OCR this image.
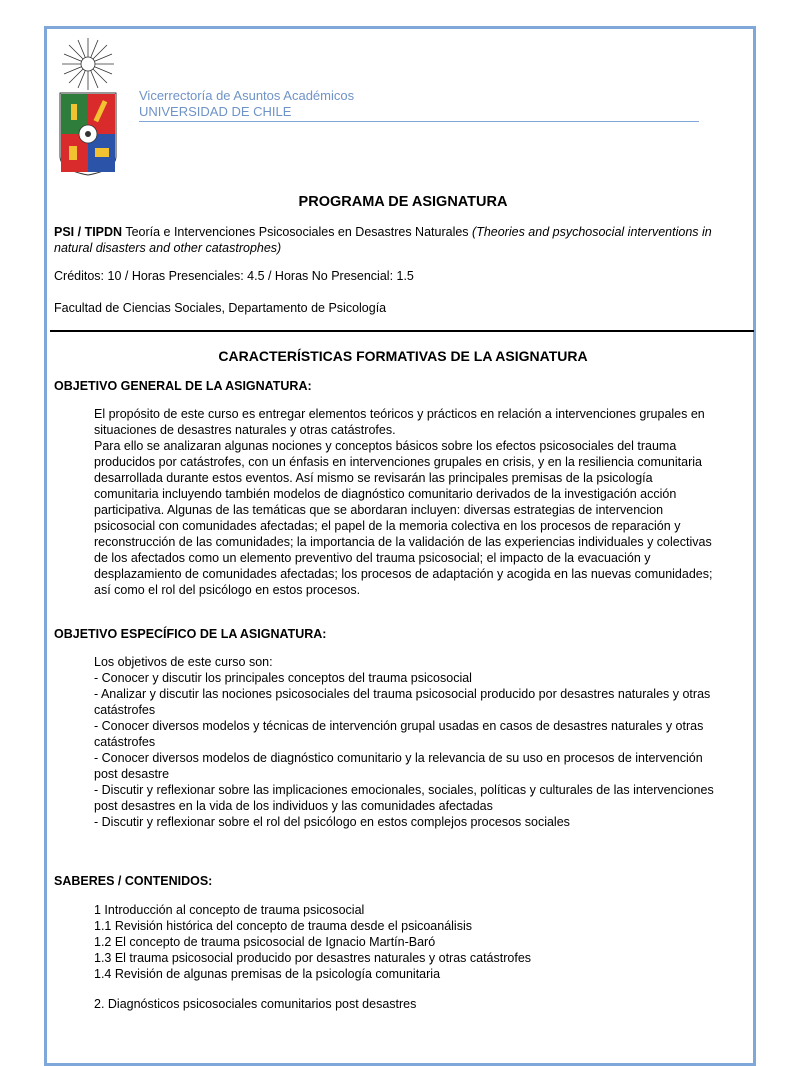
Vicerrectoría de Asuntos Académicos
UNIVERSIDAD DE CHILE
PROGRAMA DE ASIGNATURA
PSI / TIPDN Teoría e Intervenciones Psicosociales en Desastres Naturales (Theories and psychosocial interventions in natural disasters and other catastrophes)
Créditos: 10 / Horas Presenciales: 4.5 / Horas No Presencial: 1.5
Facultad de Ciencias Sociales, Departamento de Psicología
CARACTERÍSTICAS FORMATIVAS DE LA ASIGNATURA
OBJETIVO GENERAL DE LA ASIGNATURA:

El propósito de este curso es entregar elementos teóricos y prácticos en relación a intervenciones grupales en situaciones de desastres naturales y otras catástrofes.

Para ello se analizaran algunas nociones y conceptos básicos sobre los efectos psicosociales del trauma producidos por catástrofes, con un énfasis en intervenciones grupales en crisis, y en la resiliencia comunitaria desarrollada durante estos eventos. Así mismo se revisarán las principales premisas de la psicología comunitaria incluyendo también modelos de diagnóstico comunitario derivados de la investigación acción participativa. Algunas de las temáticas que se abordaran incluyen: diversas estrategias de intervencion psicosocial con comunidades afectadas; el papel de la memoria colectiva en los procesos de reparación y reconstrucción de las comunidades; la importancia de la validación de las experiencias individuales y colectivas de los afectados como un elemento preventivo del trauma psicosocial; el impacto de la evacuación y desplazamiento de comunidades afectadas; los procesos de adaptación y acogida en las nuevas comunidades; así como el rol del psicólogo en estos procesos.

OBJETIVO ESPECÍFICO DE LA ASIGNATURA:

Los objetivos de este curso son:

- Conocer y discutir los principales conceptos del trauma psicosocial

- Analizar y discutir las nociones psicosociales del trauma psicosocial producido por desastres naturales y otras catástrofes

- Conocer diversos modelos y técnicas de intervención grupal usadas en casos de desastres naturales y otras catástrofes

- Conocer diversos modelos de diagnóstico comunitario y la relevancia de su uso en procesos de intervención post desastre

- Discutir y reflexionar sobre las implicaciones emocionales, sociales, políticas y culturales de las intervenciones post desastres en la vida de los individuos y las comunidades afectadas

- Discutir y reflexionar sobre el rol del psicólogo en estos complejos procesos sociales

SABERES / CONTENIDOS:

1 Introducción al concepto de trauma psicosocial

1.1 Revisión histórica del concepto de trauma desde el psicoanálisis

1.2 El concepto de trauma psicosocial de Ignacio Martín-Baró

1.3 El trauma psicosocial producido por desastres naturales y otras catástrofes

1.4 Revisión de algunas premisas de la psicología comunitaria

2. Diagnósticos psicosociales comunitarios post desastres
